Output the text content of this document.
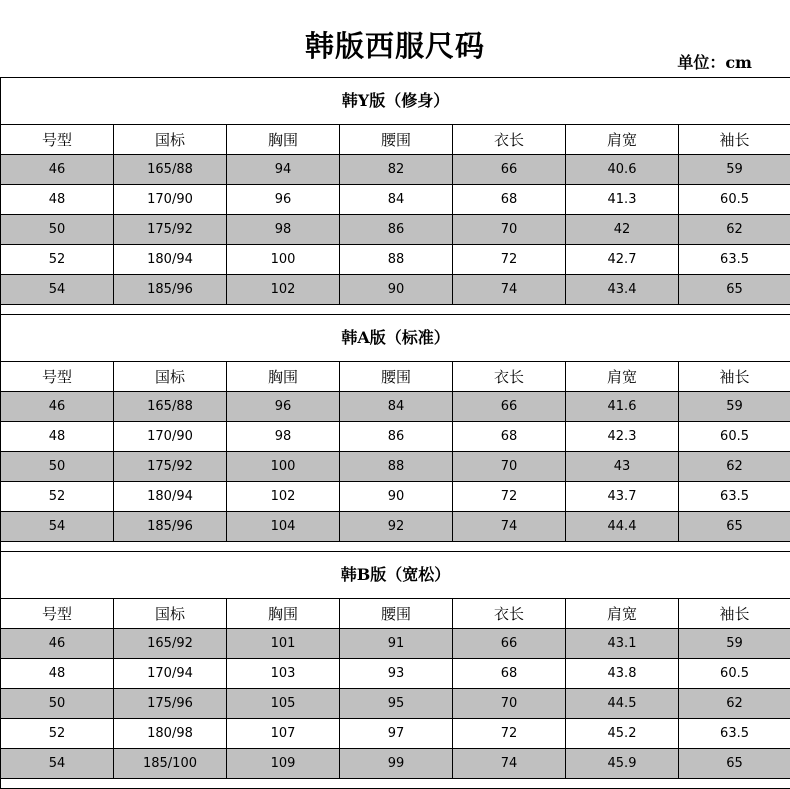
韩版西服尺码	单位：cm
韩Y版（修身）						
号型	国标	胸围	腰围	衣长	肩宽	袖长
46	165/88	94	82	66	40.6	59
48	170/90	96	84	68	41.3	60.5
50	175/92	98	86	70	42	62
52	180/94	100	88	72	42.7	63.5
54	185/96	102	90	74	43.4	65

韩A版（标准）						
号型	国标	胸围	腰围	衣长	肩宽	袖长
46	165/88	96	84	66	41.6	59
48	170/90	98	86	68	42.3	60.5
50	175/92	100	88	70	43	62
52	180/94	102	90	72	43.7	63.5
54	185/96	104	92	74	44.4	65

韩B版（宽松）						
号型	国标	胸围	腰围	衣长	肩宽	袖长
46	165/92	101	91	66	43.1	59
48	170/94	103	93	68	43.8	60.5
50	175/96	105	95	70	44.5	62
52	180/98	107	97	72	45.2	63.5
54	185/100	109	99	74	45.9	65
